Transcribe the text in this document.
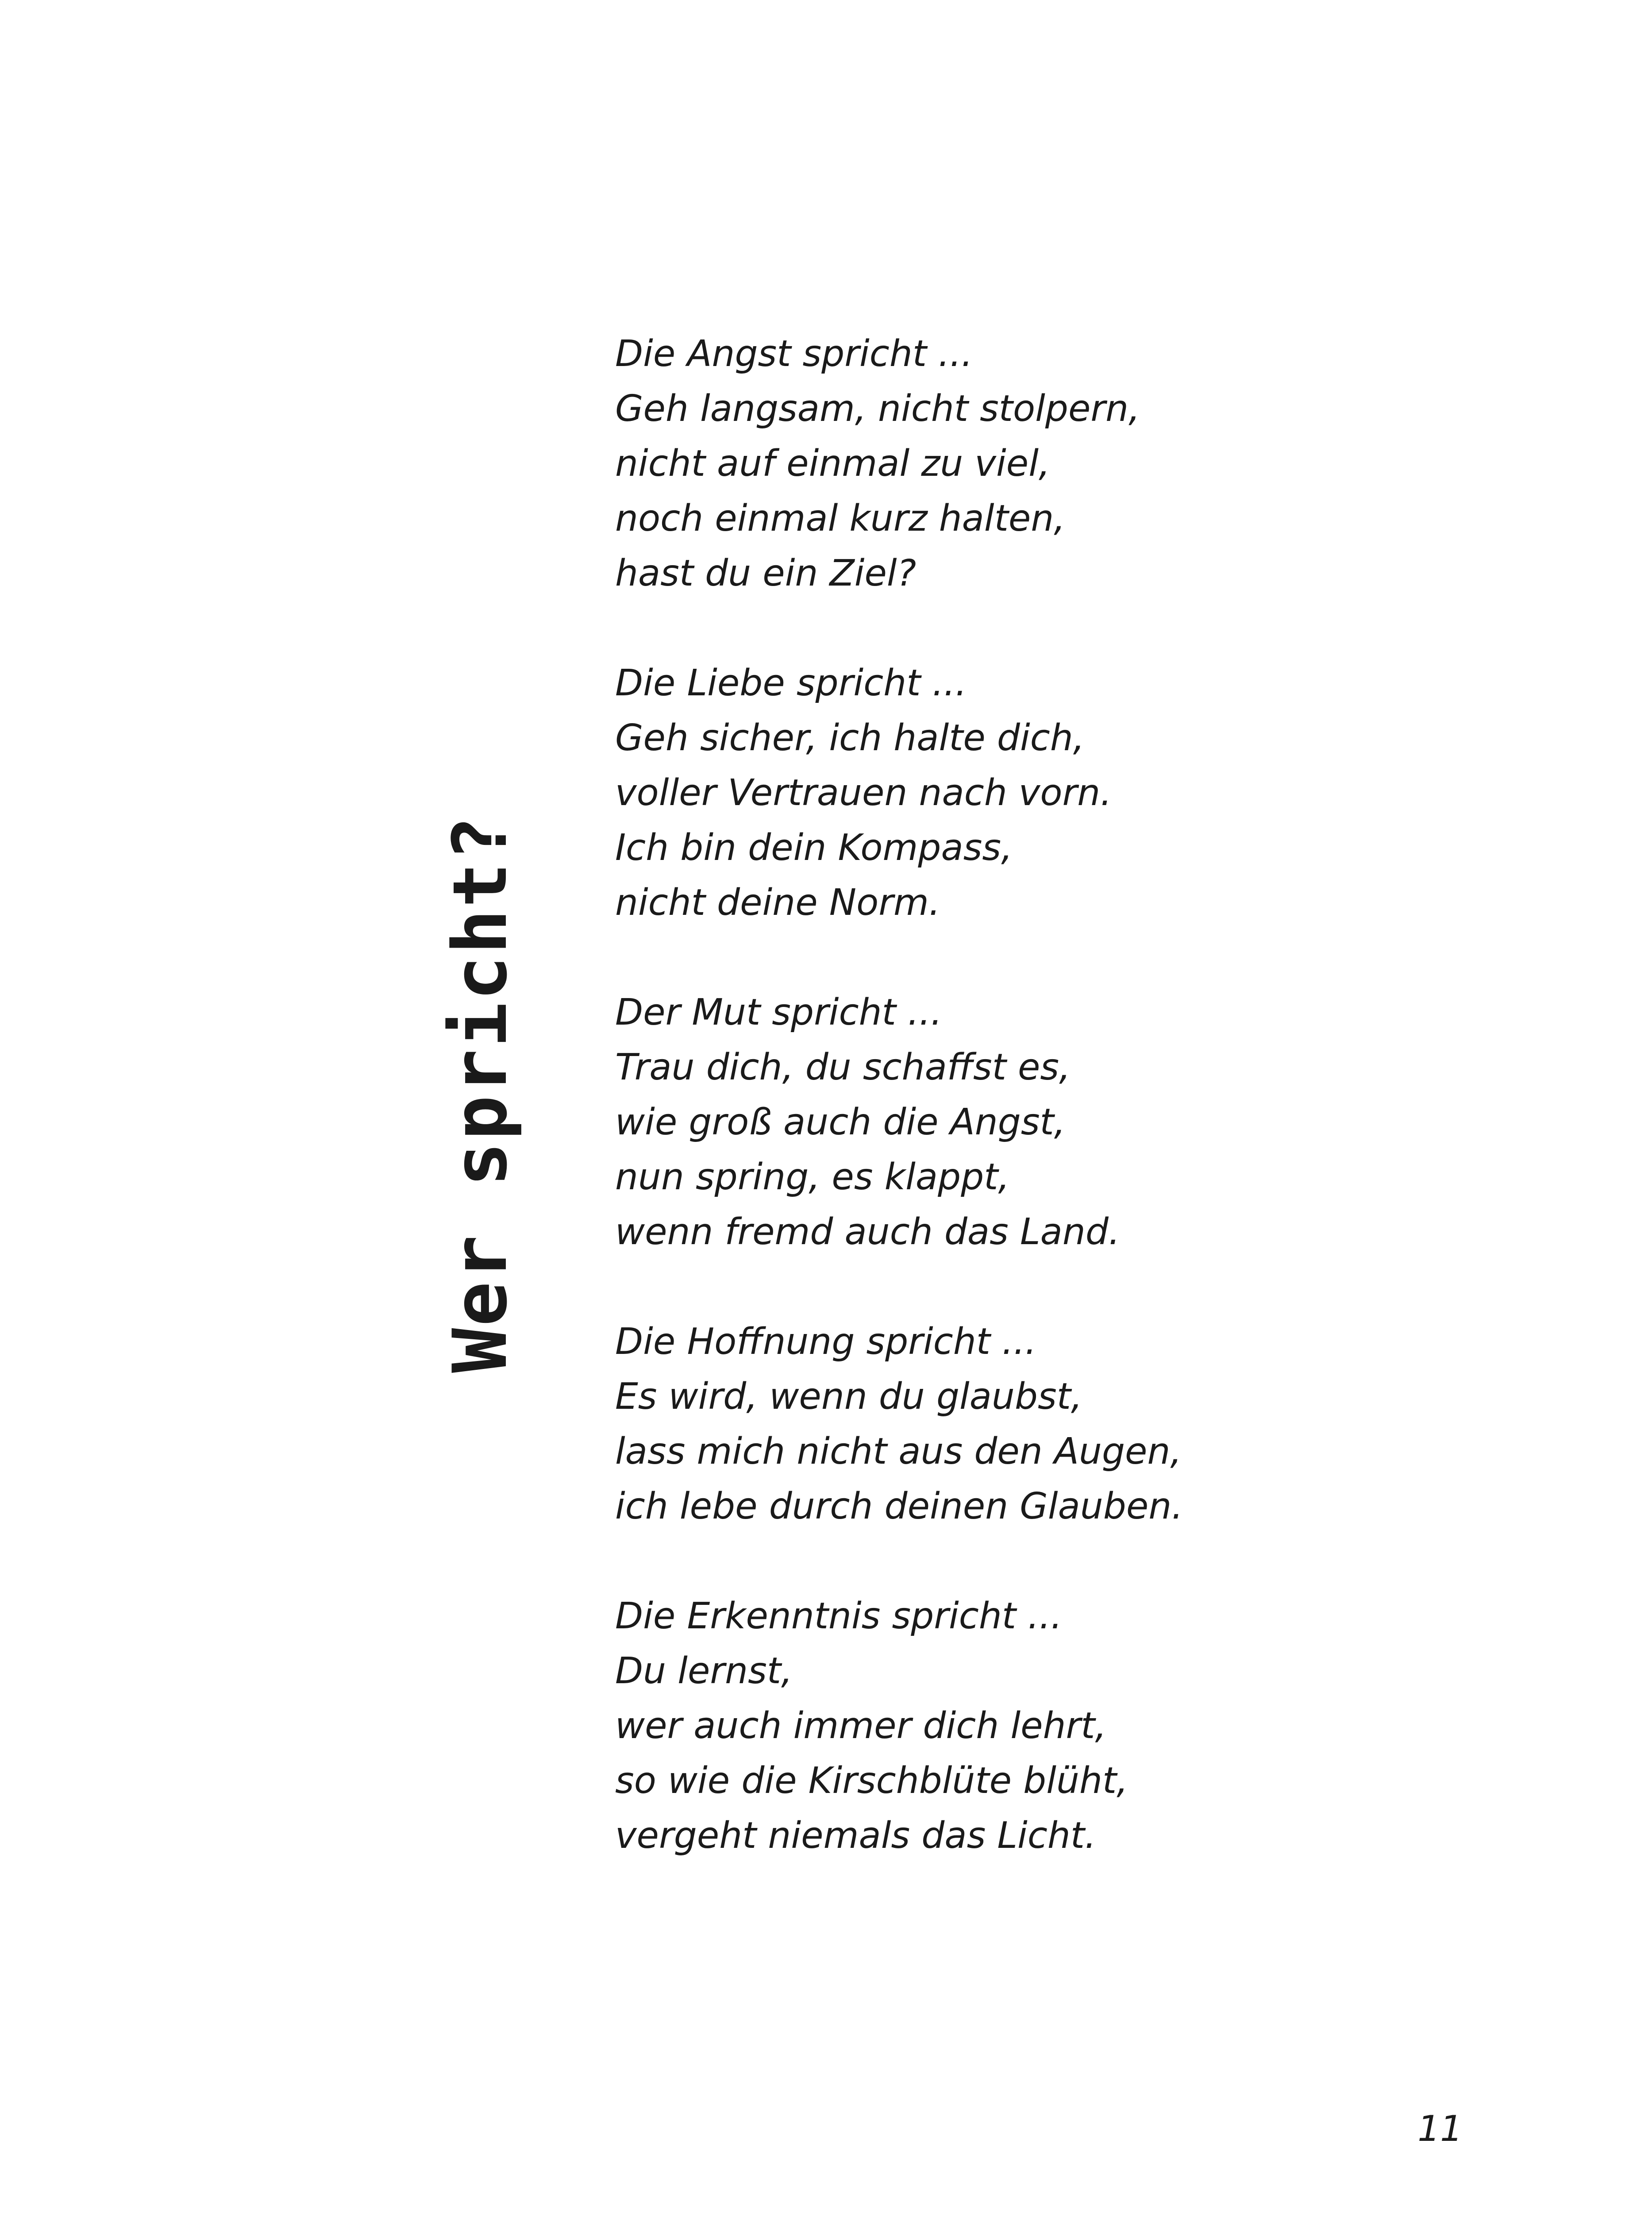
Wer spricht?
Die Angst spricht ...
Geh langsam, nicht stolpern,
nicht auf einmal zu viel,
noch einmal kurz halten,
hast du ein Ziel?
Die Liebe spricht ...
Geh sicher, ich halte dich,
voller Vertrauen nach vorn.
Ich bin dein Kompass,
nicht deine Norm.
Der Mut spricht ...
Trau dich, du schaffst es,
wie groß auch die Angst,
nun spring, es klappt,
wenn fremd auch das Land.
Die Hoffnung spricht ...
Es wird, wenn du glaubst,
lass mich nicht aus den Augen,
ich lebe durch deinen Glauben.
Die Erkenntnis spricht ...
Du lernst,
wer auch immer dich lehrt,
so wie die Kirschblüte blüht,
vergeht niemals das Licht.
11
